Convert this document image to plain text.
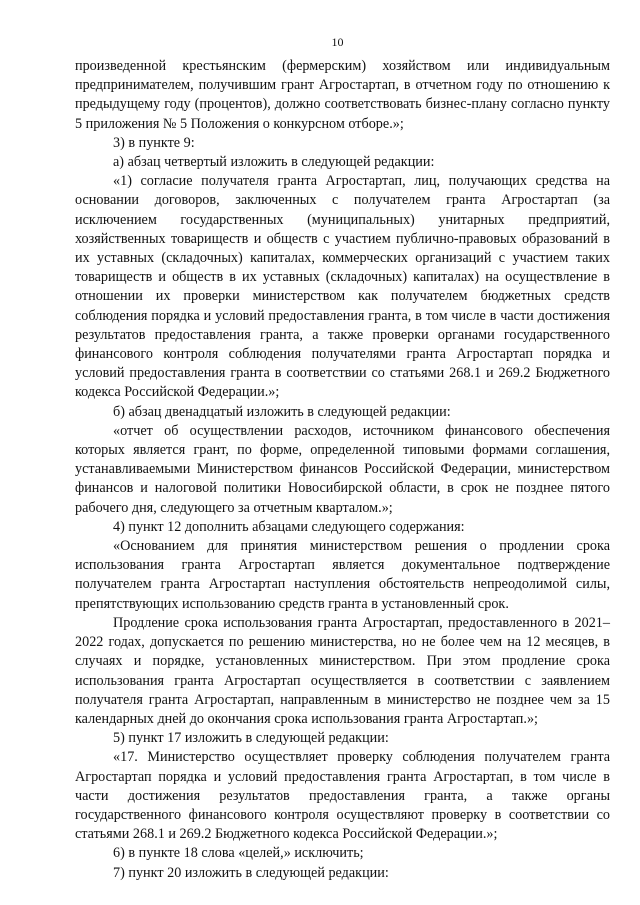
10

произведенной крестьянским (фермерским) хозяйством или индивидуальным предпринимателем, получившим грант Агростартап, в отчетном году по отношению к предыдущему году (процентов), должно соответствовать бизнес-плану согласно пункту 5 приложения № 5 Положения о конкурсном отборе.»;

3) в пункте 9:

а) абзац четвертый изложить в следующей редакции:

«1) согласие получателя гранта Агростартап, лиц, получающих средства на основании договоров, заключенных с получателем гранта Агростартап (за исключением государственных (муниципальных) унитарных предприятий, хозяйственных товариществ и обществ с участием публично-правовых образований в их уставных (складочных) капиталах, коммерческих организаций с участием таких товариществ и обществ в их уставных (складочных) капиталах) на осуществление в отношении их проверки министерством как получателем бюджетных средств соблюдения порядка и условий предоставления гранта, в том числе в части достижения результатов предоставления гранта, а также проверки органами государственного финансового контроля соблюдения получателями гранта Агростартап порядка и условий предоставления гранта в соответствии со статьями 268.1 и 269.2 Бюджетного кодекса Российской Федерации.»;

б) абзац двенадцатый изложить в следующей редакции:

«отчет об осуществлении расходов, источником финансового обеспечения которых является грант, по форме, определенной типовыми формами соглашения, устанавливаемыми Министерством финансов Российской Федерации, министерством финансов и налоговой политики Новосибирской области, в срок не позднее пятого рабочего дня, следующего за отчетным кварталом.»;

4) пункт 12 дополнить абзацами следующего содержания:

«Основанием для принятия министерством решения о продлении срока использования гранта Агростартап является документальное подтверждение получателем гранта Агростартап наступления обстоятельств непреодолимой силы, препятствующих использованию средств гранта в установленный срок.

Продление срока использования гранта Агростартап, предоставленного в 2021–2022 годах, допускается по решению министерства, но не более чем на 12 месяцев, в случаях и порядке, установленных министерством. При этом продление срока использования гранта Агростартап осуществляется в соответствии с заявлением получателя гранта Агростартап, направленным в министерство не позднее чем за 15 календарных дней до окончания срока использования гранта Агростартап.»;

5) пункт 17 изложить в следующей редакции:

«17. Министерство осуществляет проверку соблюдения получателем гранта Агростартап порядка и условий предоставления гранта Агростартап, в том числе в части достижения результатов предоставления гранта, а также органы государственного финансового контроля осуществляют проверку в соответствии со статьями 268.1 и 269.2 Бюджетного кодекса Российской Федерации.»;

6) в пункте 18 слова «целей,» исключить;

7) пункт 20 изложить в следующей редакции:
